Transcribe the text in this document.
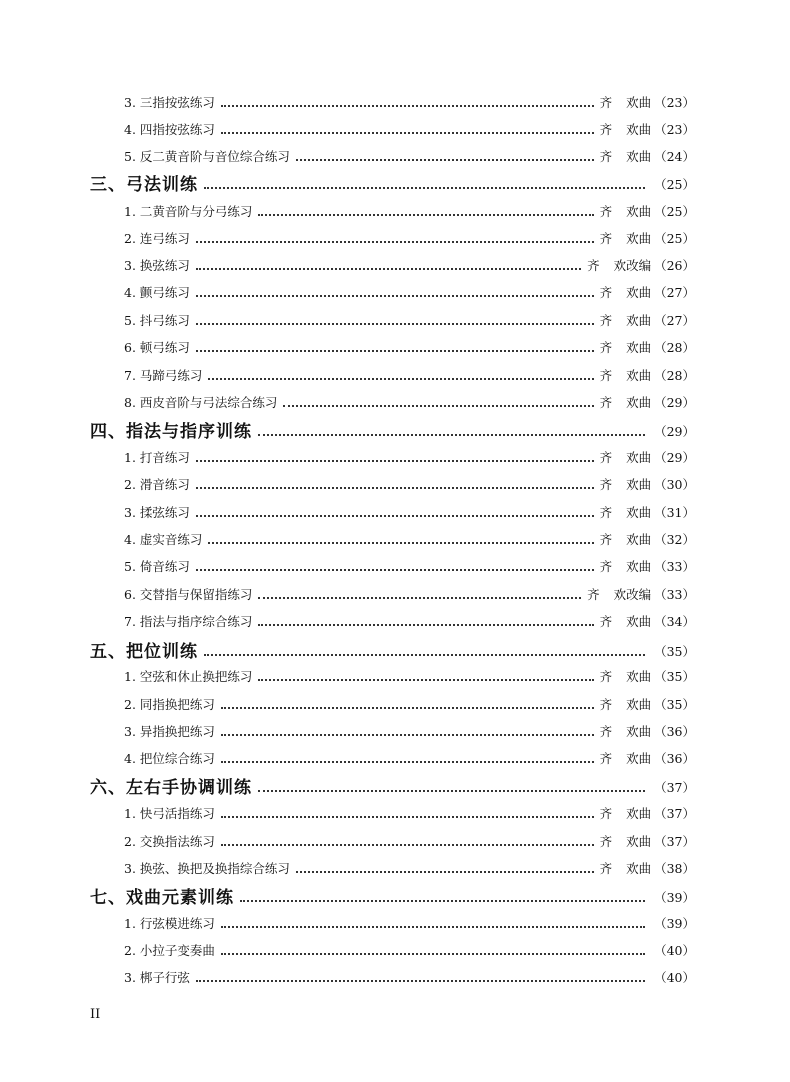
3. 三指按弦练习	齐 欢曲 （23）
4. 四指按弦练习	齐 欢曲 （23）
5. 反二黄音阶与音位综合练习	齐 欢曲 （24）
三、弓法训练	（25）
1. 二黄音阶与分弓练习	齐 欢曲 （25）
2. 连弓练习	齐 欢曲 （25）
3. 换弦练习	齐 欢改编 （26）
4. 颤弓练习	齐 欢曲 （27）
5. 抖弓练习	齐 欢曲 （27）
6. 顿弓练习	齐 欢曲 （28）
7. 马蹄弓练习	齐 欢曲 （28）
8. 西皮音阶与弓法综合练习	齐 欢曲 （29）
四、指法与指序训练	（29）
1. 打音练习	齐 欢曲 （29）
2. 滑音练习	齐 欢曲 （30）
3. 揉弦练习	齐 欢曲 （31）
4. 虚实音练习	齐 欢曲 （32）
5. 倚音练习	齐 欢曲 （33）
6. 交替指与保留指练习	齐 欢改编 （33）
7. 指法与指序综合练习	齐 欢曲 （34）
五、把位训练	（35）
1. 空弦和休止换把练习	齐 欢曲 （35）
2. 同指换把练习	齐 欢曲 （35）
3. 异指换把练习	齐 欢曲 （36）
4. 把位综合练习	齐 欢曲 （36）
六、左右手协调训练	（37）
1. 快弓活指练习	齐 欢曲 （37）
2. 交换指法练习	齐 欢曲 （37）
3. 换弦、换把及换指综合练习	齐 欢曲 （38）
七、戏曲元素训练	（39）
1. 行弦模进练习	（39）
2. 小拉子变奏曲	（40）
3. 梆子行弦	（40）
II
